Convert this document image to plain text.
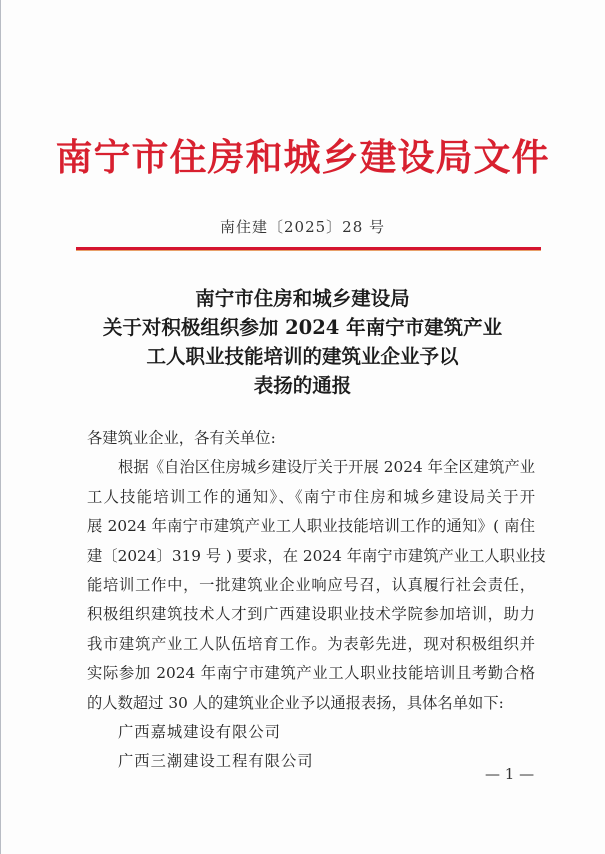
南宁市住房和城乡建设局文件
南住建〔2025〕28 号
南宁市住房和城乡建设局
关于对积极组织参加 2024 年南宁市建筑产业
工人职业技能培训的建筑业企业予以
表扬的通报
各建筑业企业，各有关单位:
根据《自治区住房城乡建设厅关于开展 2024 年全区建筑产业
工人技能培训工作的通知》、《南宁市住房和城乡建设局关于开
展 2024 年南宁市建筑产业工人职业技能培训工作的通知》( 南住
建〔2024〕319 号 ) 要求，在 2024 年南宁市建筑产业工人职业技
能培训工作中，一批建筑业企业响应号召，认真履行社会责任，
积极组织建筑技术人才到广西建设职业技术学院参加培训，助力
我市建筑产业工人队伍培育工作。为表彰先进，现对积极组织并
实际参加 2024 年南宁市建筑产业工人职业技能培训且考勤合格
的人数超过 30 人的建筑业企业予以通报表扬，具体名单如下:
广西嘉城建设有限公司
广西三潮建设工程有限公司
— 1 —
